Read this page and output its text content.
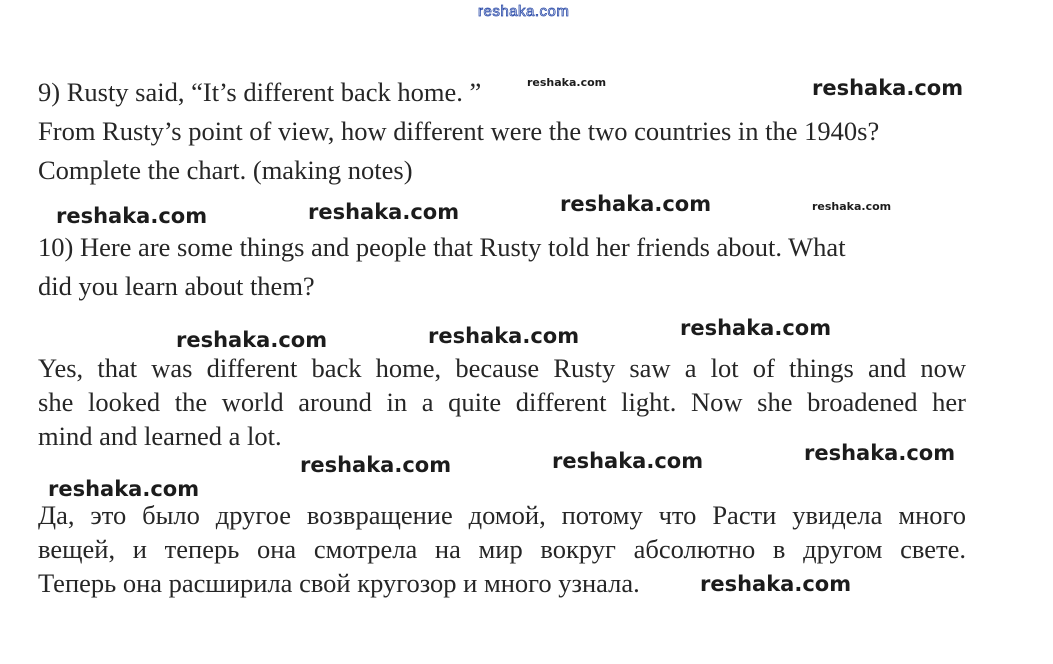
reshaka.com
9) Rusty said, “It’s different back home. ”
From Rusty’s point of view, how different were the two countries in the 1940s?
Complete the chart. (making notes)
10) Here are some things and people that Rusty told her friends about. What
did you learn about them?
Yes, that was different back home, because Rusty saw a lot of things and now
she looked the world around in a quite different light. Now she broadened her
mind and learned a lot.
Да, это было другое возвращение домой, потому что Расти увидела много
вещей, и теперь она смотрела на мир вокруг абсолютно в другом свете.
Теперь она расширила свой кругозор и много узнала.
reshaka.com	reshaka.com
reshaka.com	reshaka.com	reshaka.com	reshaka.com
reshaka.com	reshaka.com	reshaka.com
reshaka.com	reshaka.com	reshaka.com
reshaka.com
reshaka.com
